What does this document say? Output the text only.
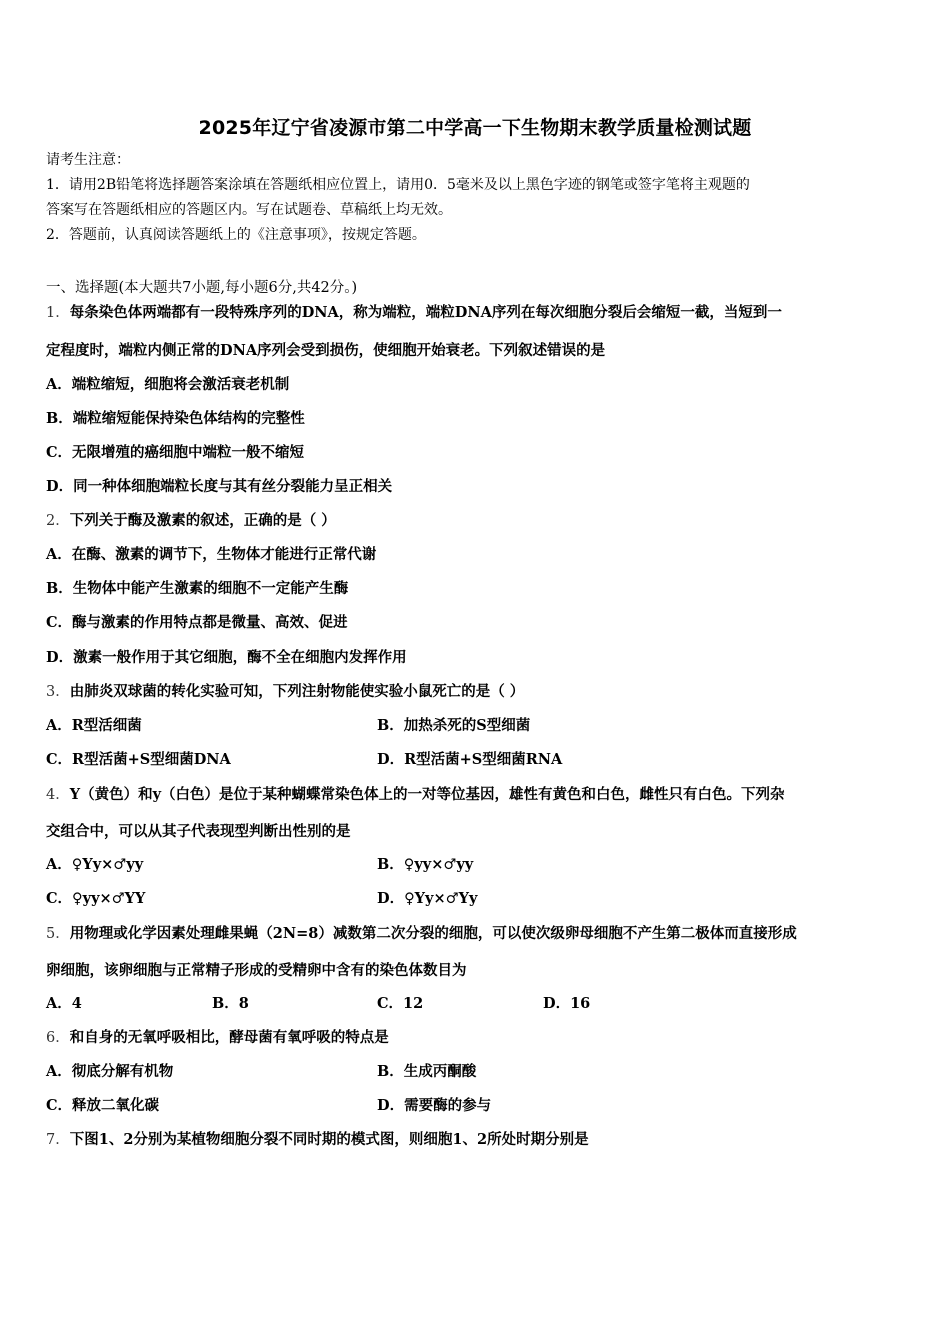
2025年辽宁省凌源市第二中学高一下生物期末教学质量检测试题
请考生注意：
1．请用2B铅笔将选择题答案涂填在答题纸相应位置上，请用0．5毫米及以上黑色字迹的钢笔或签字笔将主观题的
答案写在答题纸相应的答题区内。写在试题卷、草稿纸上均无效。
2．答题前，认真阅读答题纸上的《注意事项》，按规定答题。
一、选择题(本大题共7小题,每小题6分,共42分。)
1．每条染色体两端都有一段特殊序列的DNA，称为端粒，端粒DNA序列在每次细胞分裂后会缩短一截，当短到一
定程度时，端粒内侧正常的DNA序列会受到损伤，使细胞开始衰老。下列叙述错误的是
A．端粒缩短，细胞将会激活衰老机制
B．端粒缩短能保持染色体结构的完整性
C．无限增殖的癌细胞中端粒一般不缩短
D．同一种体细胞端粒长度与其有丝分裂能力呈正相关
2．下列关于酶及激素的叙述，正确的是（ ）
A．在酶、激素的调节下，生物体才能进行正常代谢
B．生物体中能产生激素的细胞不一定能产生酶
C．酶与激素的作用特点都是微量、高效、促进
D．激素一般作用于其它细胞，酶不全在细胞内发挥作用
3．由肺炎双球菌的转化实验可知，下列注射物能使实验小鼠死亡的是（ ）
A．R型活细菌	B．加热杀死的S型细菌
C．R型活菌+S型细菌DNA	D．R型活菌+S型细菌RNA
4．Y（黄色）和y（白色）是位于某种蝴蝶常染色体上的一对等位基因，雄性有黄色和白色，雌性只有白色。下列杂
交组合中，可以从其子代表现型判断出性别的是
A．♀Yy×♂yy	B．♀yy×♂yy
C．♀yy×♂YY	D．♀Yy×♂Yy
5．用物理或化学因素处理雌果蝇（2N=8）减数第二次分裂的细胞，可以使次级卵母细胞不产生第二极体而直接形成
卵细胞，该卵细胞与正常精子形成的受精卵中含有的染色体数目为
A．4	B．8	C．12	D．16
6．和自身的无氧呼吸相比，酵母菌有氧呼吸的特点是
A．彻底分解有机物	B．生成丙酮酸
C．释放二氧化碳	D．需要酶的参与
7．下图1、2分别为某植物细胞分裂不同时期的模式图，则细胞1、2所处时期分别是
